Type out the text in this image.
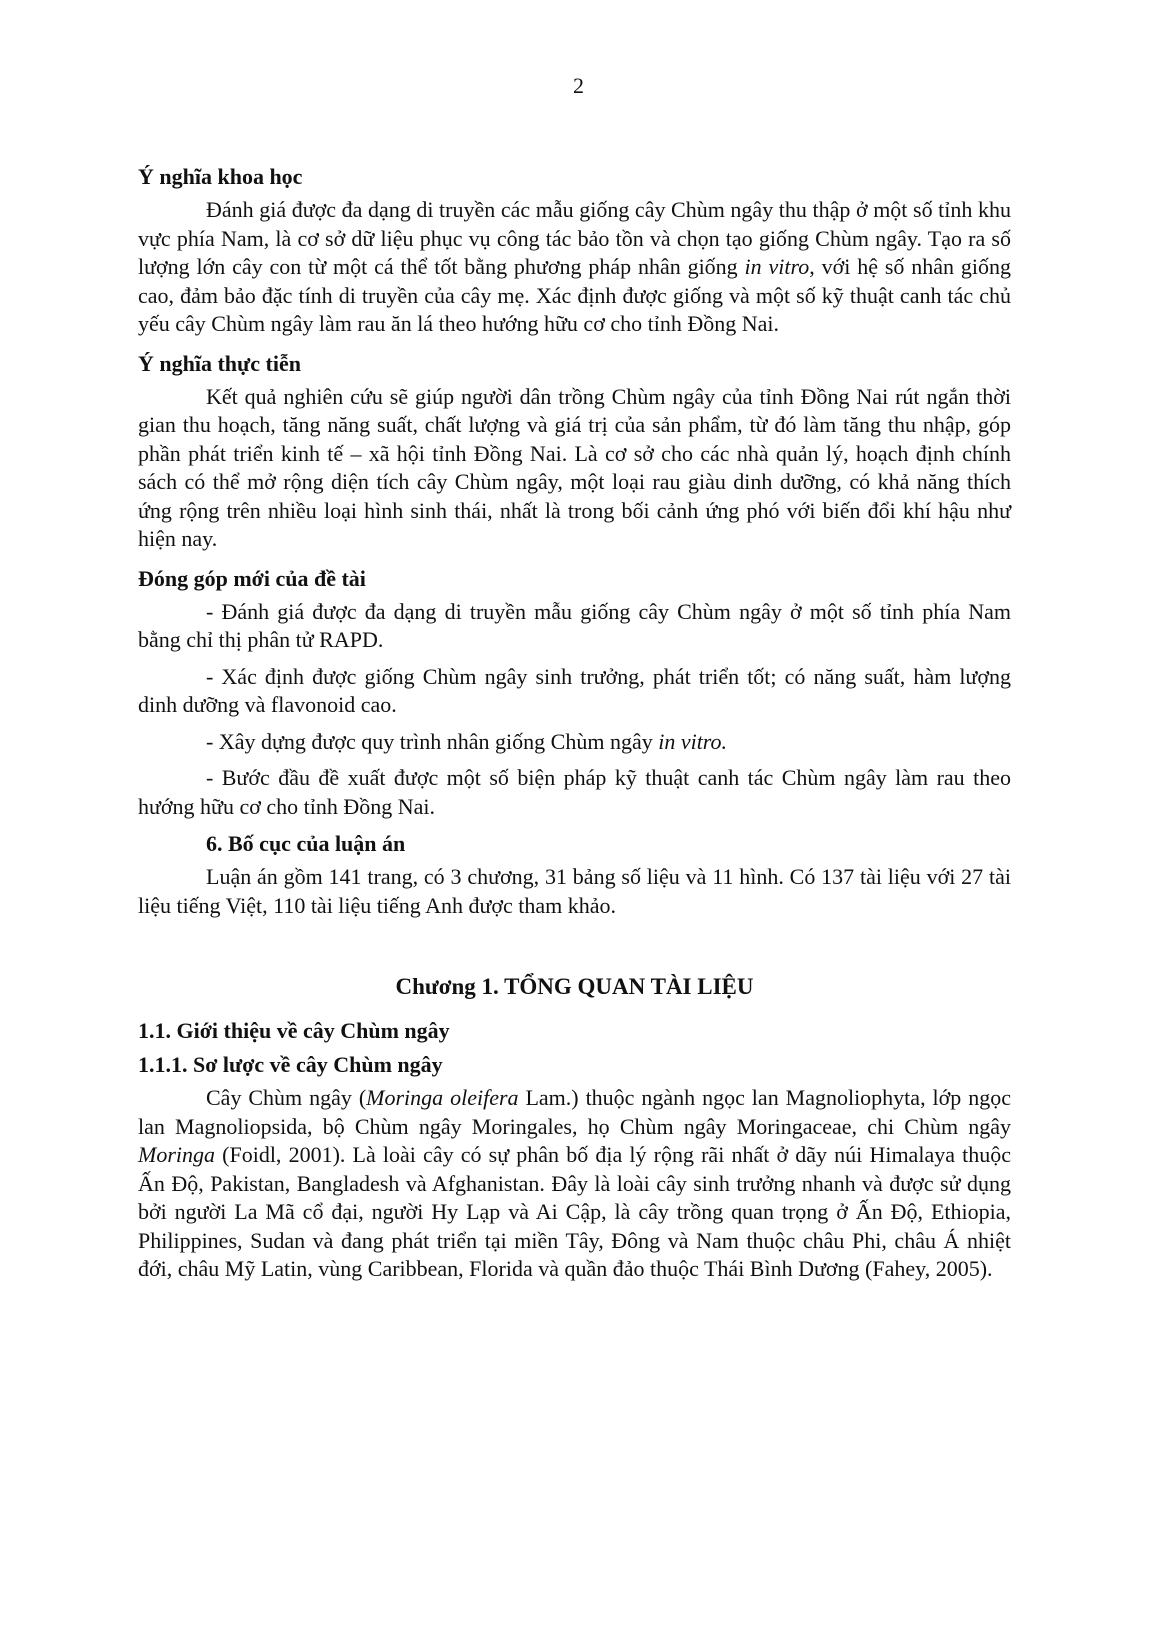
2

Ý nghĩa khoa học

Đánh giá được đa dạng di truyền các mẫu giống cây Chùm ngây thu thập ở một số tỉnh khu vực phía Nam, là cơ sở dữ liệu phục vụ công tác bảo tồn và chọn tạo giống Chùm ngây. Tạo ra số lượng lớn cây con từ một cá thể tốt bằng phương pháp nhân giống in vitro, với hệ số nhân giống cao, đảm bảo đặc tính di truyền của cây mẹ. Xác định được giống và một số kỹ thuật canh tác chủ yếu cây Chùm ngây làm rau ăn lá theo hướng hữu cơ cho tỉnh Đồng Nai.

Ý nghĩa thực tiễn

Kết quả nghiên cứu sẽ giúp người dân trồng Chùm ngây của tỉnh Đồng Nai rút ngắn thời gian thu hoạch, tăng năng suất, chất lượng và giá trị của sản phẩm, từ đó làm tăng thu nhập, góp phần phát triển kinh tế – xã hội tỉnh Đồng Nai. Là cơ sở cho các nhà quản lý, hoạch định chính sách có thể mở rộng diện tích cây Chùm ngây, một loại rau giàu dinh dưỡng, có khả năng thích ứng rộng trên nhiều loại hình sinh thái, nhất là trong bối cảnh ứng phó với biến đổi khí hậu như hiện nay.

Đóng góp mới của đề tài

- Đánh giá được đa dạng di truyền mẫu giống cây Chùm ngây ở một số tỉnh phía Nam bằng chỉ thị phân tử RAPD.

- Xác định được giống Chùm ngây sinh trưởng, phát triển tốt; có năng suất, hàm lượng dinh dưỡng và flavonoid cao.

- Xây dựng được quy trình nhân giống Chùm ngây in vitro.

- Bước đầu đề xuất được một số biện pháp kỹ thuật canh tác Chùm ngây làm rau theo hướng hữu cơ cho tỉnh Đồng Nai.

6. Bố cục của luận án

Luận án gồm 141 trang, có 3 chương, 31 bảng số liệu và 11 hình. Có 137 tài liệu với 27 tài liệu tiếng Việt, 110 tài liệu tiếng Anh được tham khảo.

Chương 1. TỔNG QUAN TÀI LIỆU
1.1. Giới thiệu về cây Chùm ngây
1.1.1. Sơ lược về cây Chùm ngây

Cây Chùm ngây (Moringa oleifera Lam.) thuộc ngành ngọc lan Magnoliophyta, lớp ngọc lan Magnoliopsida, bộ Chùm ngây Moringales, họ Chùm ngây Moringaceae, chi Chùm ngây Moringa (Foidl, 2001). Là loài cây có sự phân bố địa lý rộng rãi nhất ở dãy núi Himalaya thuộc Ấn Độ, Pakistan, Bangladesh và Afghanistan. Đây là loài cây sinh trưởng nhanh và được sử dụng bởi người La Mã cổ đại, người Hy Lạp và Ai Cập, là cây trồng quan trọng ở Ấn Độ, Ethiopia, Philippines, Sudan và đang phát triển tại miền Tây, Đông và Nam thuộc châu Phi, châu Á nhiệt đới, châu Mỹ Latin, vùng Caribbean, Florida và quần đảo thuộc Thái Bình Dương (Fahey, 2005).
